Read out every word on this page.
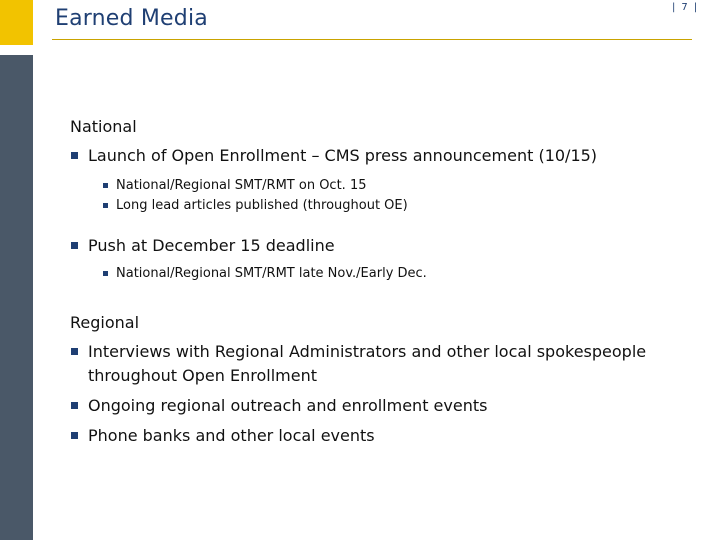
Earned Media	| 7 |
National
Launch of Open Enrollment – CMS press announcement (10/15)
National/Regional SMT/RMT on Oct. 15
Long lead articles published (throughout OE)
Push at December 15 deadline
National/Regional SMT/RMT late Nov./Early Dec.
Regional
Interviews with Regional Administrators and other local spokespeople throughout Open Enrollment
Ongoing regional outreach and enrollment events
Phone banks and other local events
